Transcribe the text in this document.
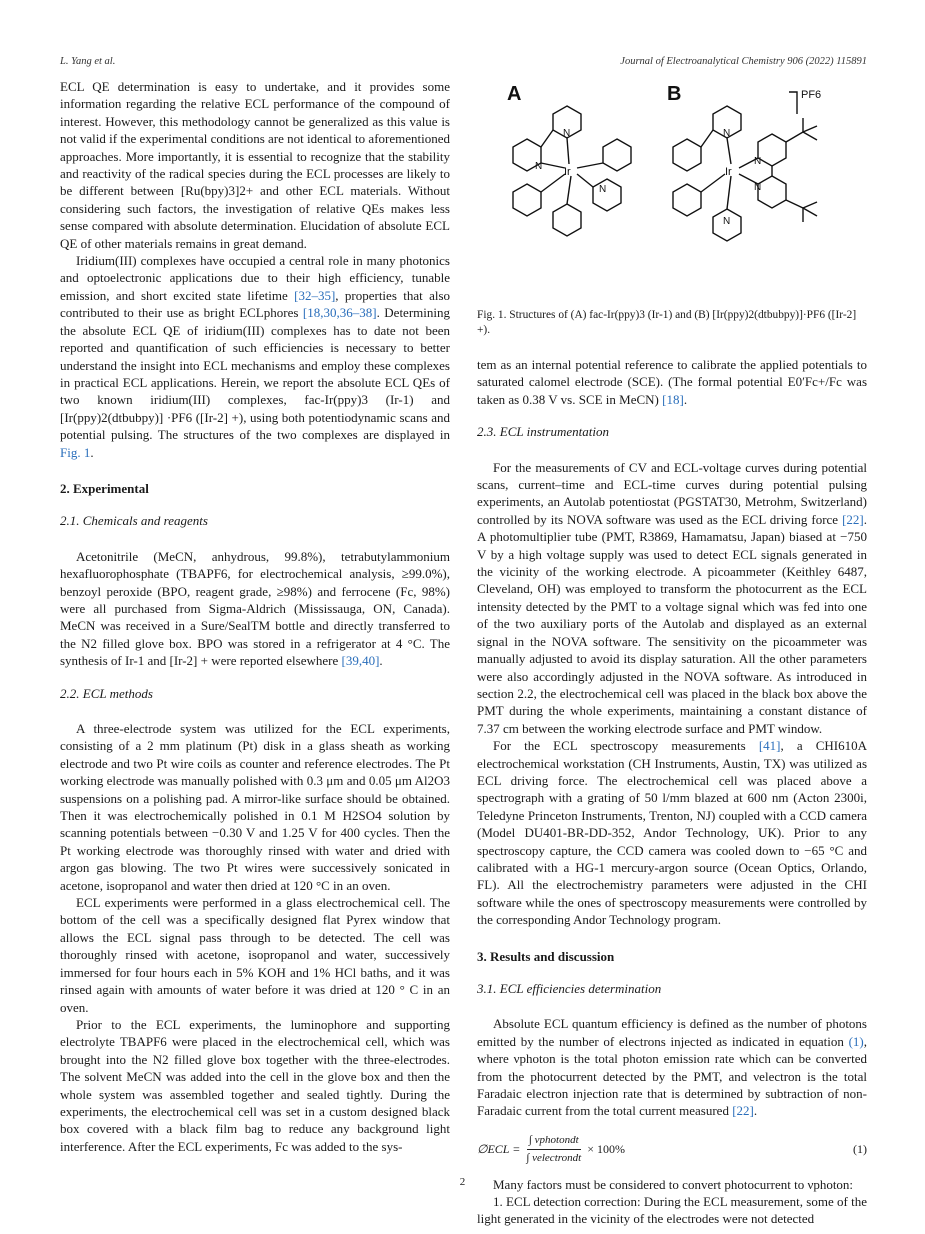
L. Yang et al.	Journal of Electroanalytical Chemistry 906 (2022) 115891

ECL QE determination is easy to undertake, and it provides some information regarding the relative ECL performance of the compound of interest. However, this methodology cannot be generalized as this value is not valid if the experimental conditions are not identical to aforementioned approaches. More importantly, it is essential to recognize that the stability and reactivity of the radical species during the ECL processes are likely to be different between [Ru(bpy)3]2+ and other ECL materials. Without considering such factors, the investigation of relative QEs makes less sense compared with absolute determination. Elucidation of absolute ECL QE of other materials remains in great demand.

Iridium(III) complexes have occupied a central role in many photonics and optoelectronic applications due to their high efficiency, tunable emission, and short excited state lifetime [32–35], properties that also contributed to their use as bright ECLphores [18,30,36–38]. Determining the absolute ECL QE of iridium(III) complexes has to date not been reported and quantification of such efficiencies is necessary to better understand the insight into ECL mechanisms and employ these complexes in practical ECL applications. Herein, we report the absolute ECL QEs of two known iridium(III) complexes, fac-Ir(ppy)3 (Ir-1) and [Ir(ppy)2(dtbubpy)] ·PF6 ([Ir-2] +), using both potentiodynamic scans and potential pulsing. The structures of the two complexes are displayed in Fig. 1.

2. Experimental
2.1. Chemicals and reagents

Acetonitrile (MeCN, anhydrous, 99.8%), tetrabutylammonium hexafluorophosphate (TBAPF6, for electrochemical analysis, ≥99.0%), benzoyl peroxide (BPO, reagent grade, ≥98%) and ferrocene (Fc, 98%) were all purchased from Sigma-Aldrich (Mississauga, ON, Canada). MeCN was received in a Sure/SealTM bottle and directly transferred to the N2 filled glove box. BPO was stored in a refrigerator at 4 °C. The synthesis of Ir-1 and [Ir-2] + were reported elsewhere [39,40].

2.2. ECL methods

A three-electrode system was utilized for the ECL experiments, consisting of a 2 mm platinum (Pt) disk in a glass sheath as working electrode and two Pt wire coils as counter and reference electrodes. The Pt working electrode was manually polished with 0.3 μm and 0.05 μm Al2O3 suspensions on a polishing pad. A mirror-like surface should be obtained. Then it was electrochemically polished in 0.1 M H2SO4 solution by scanning potentials between −0.30 V and 1.25 V for 400 cycles. Then the Pt working electrode was thoroughly rinsed with water and dried with argon gas blowing. The two Pt wires were successively sonicated in acetone, isopropanol and water then dried at 120 °C in an oven.

ECL experiments were performed in a glass electrochemical cell. The bottom of the cell was a specifically designed flat Pyrex window that allows the ECL signal pass through to be detected. The cell was thoroughly rinsed with acetone, isopropanol and water, successively immersed for four hours each in 5% KOH and 1% HCl baths, and it was rinsed again with amounts of water before it was dried at 120 ° C in an oven.

Prior to the ECL experiments, the luminophore and supporting electrolyte TBAPF6 were placed in the electrochemical cell, which was brought into the N2 filled glove box together with the three-electrodes. The solvent MeCN was added into the cell in the glove box and then the whole system was assembled together and sealed tightly. During the experiments, the electrochemical cell was set in a custom designed black box covered with a black film bag to reduce any background light interference. After the ECL experiments, Fc was added to the sys-

A	B	PF6
Ir	Ir
N
N
N
N
N
N
N

Fig. 1. Structures of (A) fac-Ir(ppy)3 (Ir-1) and (B) [Ir(ppy)2(dtbubpy)]·PF6 ([Ir-2] +).

tem as an internal potential reference to calibrate the applied potentials to saturated calomel electrode (SCE). (The formal potential E0′Fc+/Fc was taken as 0.38 V vs. SCE in MeCN) [18].

2.3. ECL instrumentation

For the measurements of CV and ECL-voltage curves during potential scans, current–time and ECL-time curves during potential pulsing experiments, an Autolab potentiostat (PGSTAT30, Metrohm, Switzerland) controlled by its NOVA software was used as the ECL driving force [22]. A photomultiplier tube (PMT, R3869, Hamamatsu, Japan) biased at −750 V by a high voltage supply was used to detect ECL signals generated in the vicinity of the working electrode. A picoammeter (Keithley 6487, Cleveland, OH) was employed to transform the photocurrent as the ECL intensity detected by the PMT to a voltage signal which was fed into one of the two auxiliary ports of the Autolab and displayed as an external signal in the NOVA software. The sensitivity on the picoammeter was manually adjusted to avoid its display saturation. All the other parameters were also accordingly adjusted in the NOVA software. As introduced in section 2.2, the electrochemical cell was placed in the black box above the PMT during the whole experiments, maintaining a constant distance of 7.37 cm between the working electrode surface and PMT window.

For the ECL spectroscopy measurements [41], a CHI610A electrochemical workstation (CH Instruments, Austin, TX) was utilized as ECL driving force. The electrochemical cell was placed above a spectrograph with a grating of 50 l/mm blazed at 600 nm (Acton 2300i, Teledyne Princeton Instruments, Trenton, NJ) coupled with a CCD camera (Model DU401-BR-DD-352, Andor Technology, UK). Prior to any spectroscopy capture, the CCD camera was cooled down to −65 °C and calibrated with a HG-1 mercury-argon source (Ocean Optics, Orlando, FL). All the electrochemistry parameters were adjusted in the CHI software while the ones of spectroscopy measurements were controlled by the corresponding Andor Technology program.

3. Results and discussion
3.1. ECL efficiencies determination

Absolute ECL quantum efficiency is defined as the number of photons emitted by the number of electrons injected as indicated in equation (1), where νphoton is the total photon emission rate which can be converted from the photocurrent detected by the PMT, and νelectron is the total Faradaic electron injection rate that is determined by subtraction of non-Faradaic current from the total current measured [22].

∅ECL = $\frac{\text{∫ νphotondt}}{\text{∫ νelectrondt}} \times 100\%$	(1)

Many factors must be considered to convert photocurrent to νphoton:

1. ECL detection correction: During the ECL measurement, some of the light generated in the vicinity of the electrodes were not detected

2
